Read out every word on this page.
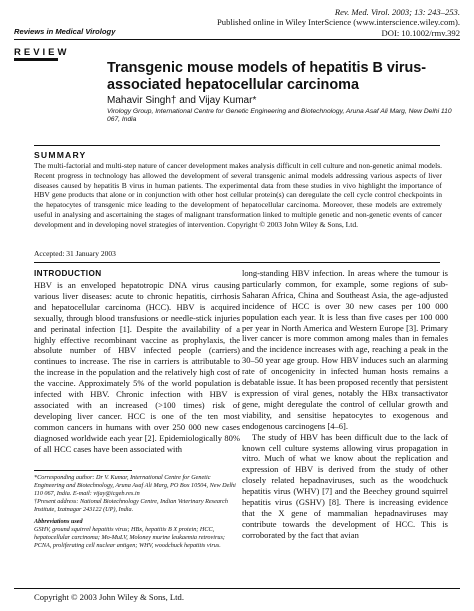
Rev. Med. Virol. 2003; 13: 243–253.
Published online in Wiley InterScience (www.interscience.wiley.com).
DOI: 10.1002/rmv.392
Reviews in Medical Virology
REVIEW
Transgenic mouse models of hepatitis B virus-associated hepatocellular carcinoma
Mahavir Singh† and Vijay Kumar*
Virology Group, International Centre for Genetic Engineering and Biotechnology, Aruna Asaf Ali Marg, New Delhi 110 067, India
SUMMARY

The multi-factorial and multi-step nature of cancer development makes analysis difficult in cell culture and non-genetic animal models. Recent progress in technology has allowed the development of several transgenic animal models addressing various aspects of liver diseases caused by hepatitis B virus in human patients. The experimental data from these studies in vivo highlight the importance of HBV gene products that alone or in conjunction with other host cellular protein(s) can deregulate the cell cycle control checkpoints in the hepatocytes of transgenic mice leading to the development of hepatocellular carcinoma. Moreover, these models are extremely useful in analysing and ascertaining the stages of malignant transformation linked to multiple genetic and non-genetic events of cancer development and in developing novel strategies of intervention. Copyright © 2003 John Wiley & Sons, Ltd.

Accepted: 31 January 2003
INTRODUCTION

HBV is an enveloped hepatotropic DNA virus causing various liver diseases: acute to chronic hepatitis, cirrhosis and hepatocellular carcinoma (HCC). HBV is acquired sexually, through blood transfusions or needle-stick injuries and perinatal infection [1]. Despite the availability of a highly effective recombinant vaccine as prophylaxis, the absolute number of HBV infected people (carriers) continues to increase. The rise in carriers is attributable to the increase in the population and the relatively high cost of the vaccine. Approximately 5% of the world population is infected with HBV. Chronic infection with HBV is associated with an increased (>100 times) risk of developing liver cancer. HCC is one of the ten most common cancers in humans with over 250 000 new cases diagnosed worldwide each year [2]. Epidemiologically 80% of all HCC cases have been associated with

long-standing HBV infection. In areas where the tumour is particularly common, for example, some regions of sub-Saharan Africa, China and Southeast Asia, the age-adjusted incidence of HCC is over 30 new cases per 100 000 population each year. It is less than five cases per 100 000 per year in North America and Western Europe [3]. Primary liver cancer is more common among males than in females and the incidence increases with age, reaching a peak in the 30–50 year age group. How HBV induces such an alarming rate of oncogenicity in infected human hosts remains a debatable issue. It has been proposed recently that persistent expression of viral genes, notably the HBx transactivator gene, might deregulate the control of cellular growth and viability, and sensitise hepatocytes to exogenous and endogenous carcinogens [4–6].

The study of HBV has been difficult due to the lack of known cell culture systems allowing virus propagation in vitro. Much of what we know about the replication and expression of HBV is derived from the study of other closely related hepadnaviruses, such as the woodchuck hepatitis virus (WHV) [7] and the Beechey ground squirrel hepatitis virus (GSHV) [8]. There is increasing evidence that the X gene of mammalian hepadnaviruses may contribute towards the development of HCC. This is corroborated by the fact that avian

*Corresponding author: Dr V. Kumar, International Centre for Genetic Engineering and Biotechnology, Aruna Asaf Ali Marg, PO Box 10504, New Delhi 110 067, India. E-mail: vijay@icgeb.res.in

†Present address: National Biotechnology Centre, Indian Veterinary Research Institute, Izatnagar 243122 (UP), India.

Abbreviations used

GSHV, ground squirrel hepatitis virus; HBx, hepatitis B X protein; HCC, hepatocellular carcinoma; Mo-MuLV, Moloney murine leukaemia retrovirus; PCNA, proliferating cell nuclear antigen; WHV, woodchuck hepatitis virus.

Copyright © 2003 John Wiley & Sons, Ltd.
